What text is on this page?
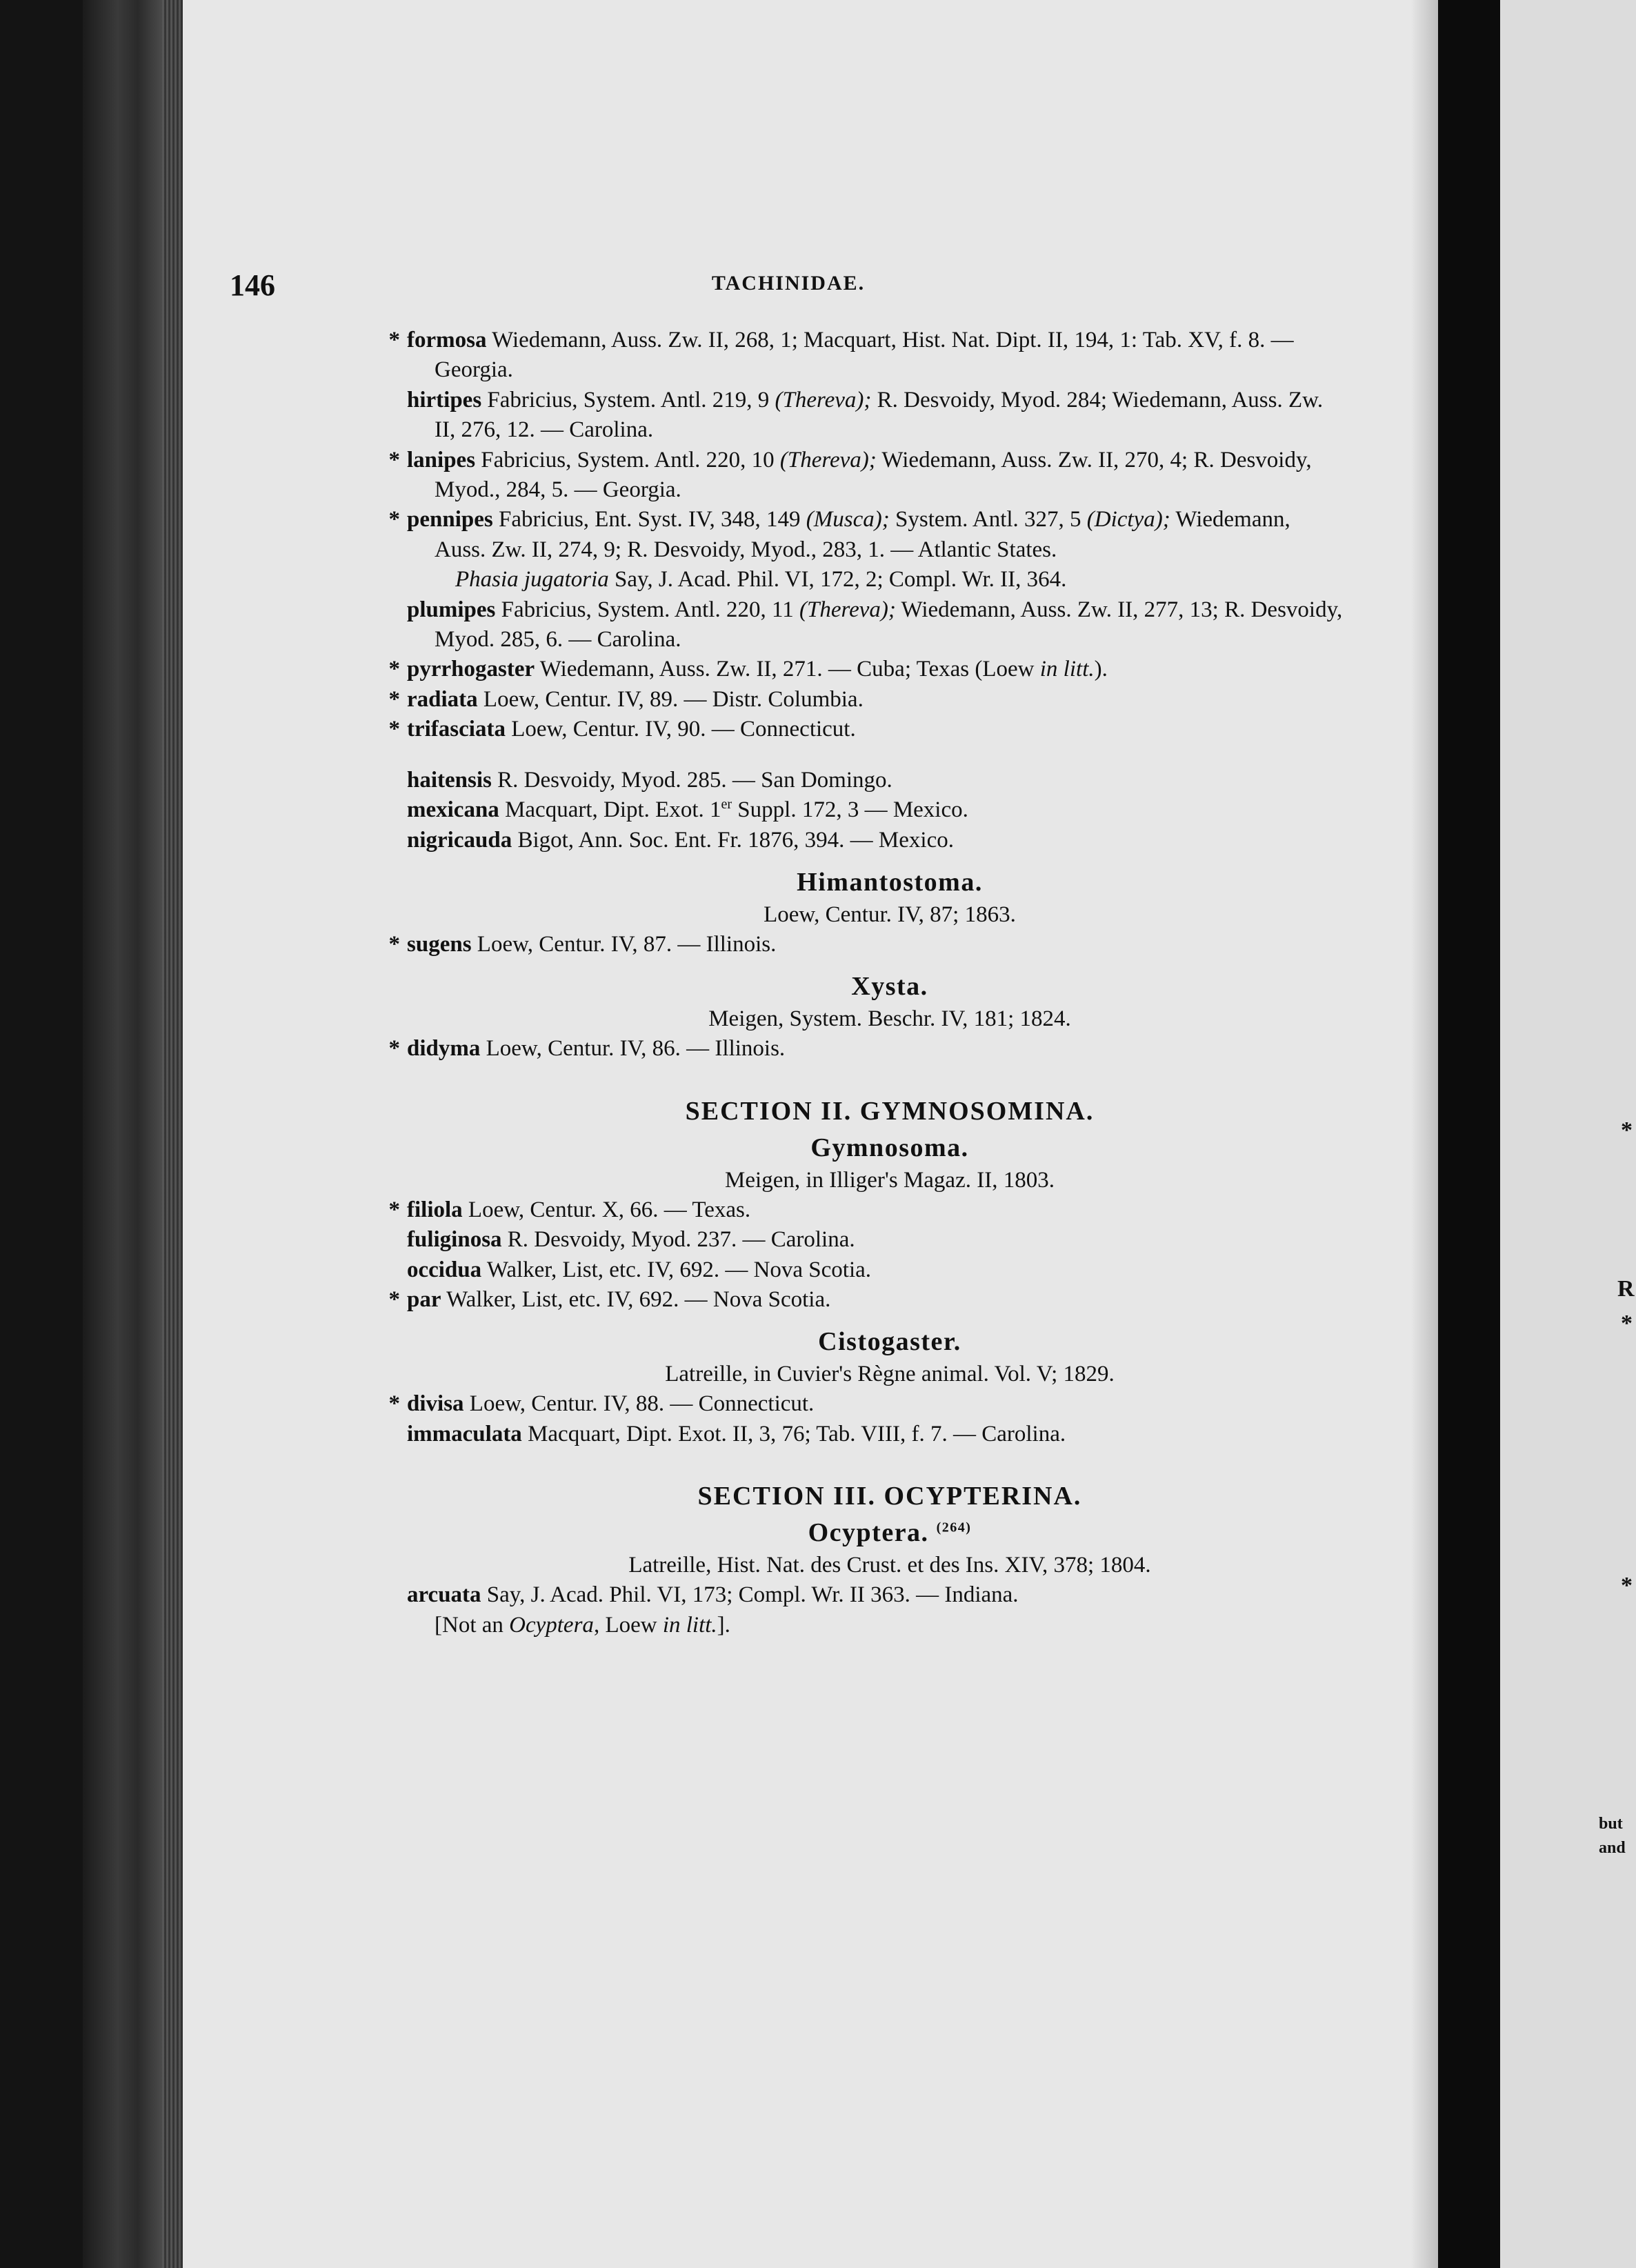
R
*
*
*
but
and
146	TACHINIDAE.
* formosa Wiedemann, Auss. Zw. II, 268, 1; Macquart, Hist. Nat. Dipt. II, 194, 1: Tab. XV, f. 8. — Georgia.
hirtipes Fabricius, System. Antl. 219, 9 (Thereva); R. Desvoidy, Myod. 284; Wiedemann, Auss. Zw. II, 276, 12. — Carolina.
* lanipes Fabricius, System. Antl. 220, 10 (Thereva); Wiedemann, Auss. Zw. II, 270, 4; R. Desvoidy, Myod., 284, 5. — Georgia.
* pennipes Fabricius, Ent. Syst. IV, 348, 149 (Musca); System. Antl. 327, 5 (Dictya); Wiedemann, Auss. Zw. II, 274, 9; R. Desvoidy, Myod., 283, 1. — Atlantic States.
Phasia jugatoria Say, J. Acad. Phil. VI, 172, 2; Compl. Wr. II, 364.
plumipes Fabricius, System. Antl. 220, 11 (Thereva); Wiedemann, Auss. Zw. II, 277, 13; R. Desvoidy, Myod. 285, 6. — Carolina.
* pyrrhogaster Wiedemann, Auss. Zw. II, 271. — Cuba; Texas (Loew in litt.).
* radiata Loew, Centur. IV, 89. — Distr. Columbia.
* trifasciata Loew, Centur. IV, 90. — Connecticut.
haitensis R. Desvoidy, Myod. 285. — San Domingo.
mexicana Macquart, Dipt. Exot. 1er Suppl. 172, 3 — Mexico.
nigricauda Bigot, Ann. Soc. Ent. Fr. 1876, 394. — Mexico.
Himantostoma.
Loew, Centur. IV, 87; 1863.
* sugens Loew, Centur. IV, 87. — Illinois.
Xysta.
Meigen, System. Beschr. IV, 181; 1824.
* didyma Loew, Centur. IV, 86. — Illinois.
SECTION II. GYMNOSOMINA.
Gymnosoma.
Meigen, in Illiger's Magaz. II, 1803.
* filiola Loew, Centur. X, 66. — Texas.
fuliginosa R. Desvoidy, Myod. 237. — Carolina.
occidua Walker, List, etc. IV, 692. — Nova Scotia.
* par Walker, List, etc. IV, 692. — Nova Scotia.
Cistogaster.
Latreille, in Cuvier's Règne animal. Vol. V; 1829.
* divisa Loew, Centur. IV, 88. — Connecticut.
immaculata Macquart, Dipt. Exot. II, 3, 76; Tab. VIII, f. 7. — Carolina.
SECTION III. OCYPTERINA.
Ocyptera. $^{(264)}$
Latreille, Hist. Nat. des Crust. et des Ins. XIV, 378; 1804.
arcuata Say, J. Acad. Phil. VI, 173; Compl. Wr. II 363. — Indiana.
[Not an Ocyptera, Loew in litt.].
